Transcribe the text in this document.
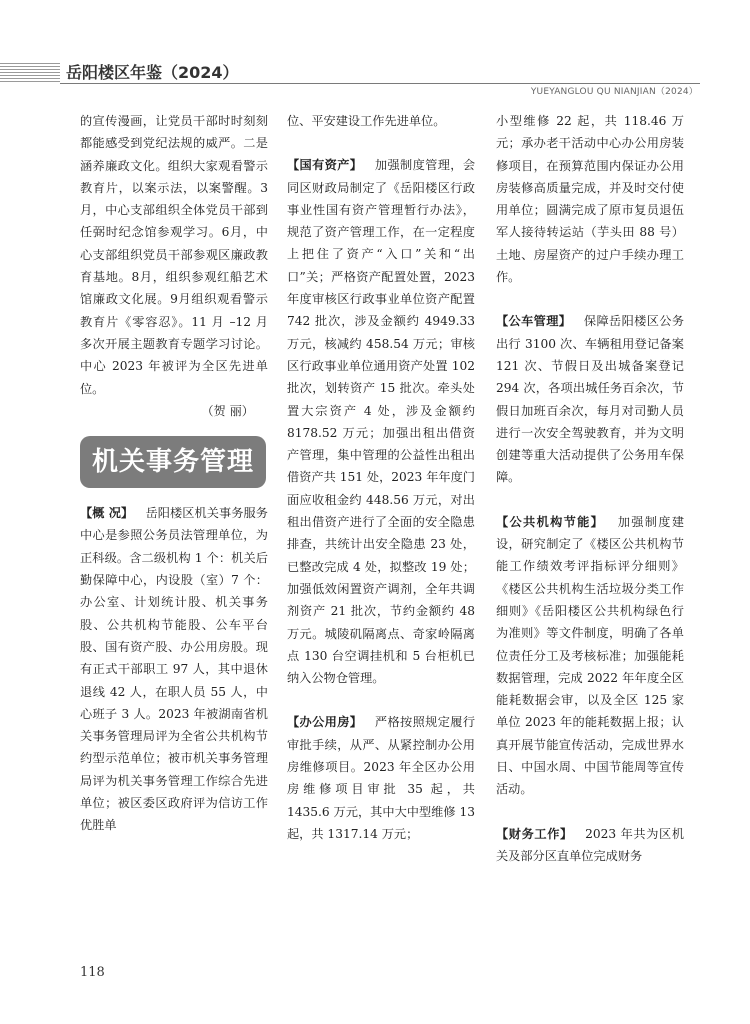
岳阳楼区年鉴（2024）
YUEYANGLOU QU NIANJIAN（2024）

的宣传漫画，让党员干部时时刻刻都能感受到党纪法规的威严。二是涵养廉政文化。组织大家观看警示教育片，以案示法，以案警醒。3月，中心支部组织全体党员干部到任弼时纪念馆参观学习。6月，中心支部组织党员干部参观区廉政教育基地。8月，组织参观红船艺术馆廉政文化展。9月组织观看警示教育片《零容忍》。11 月 –12 月多次开展主题教育专题学习讨论。中心 2023 年被评为全区先进单位。

（贺 丽）

机关事务管理

【概 况】  岳阳楼区机关事务服务中心是参照公务员法管理单位，为正科级。含二级机构 1 个：机关后勤保障中心，内设股（室）7 个：办公室、计划统计股、机关事务股、公共机构节能股、公车平台股、国有资产股、办公用房股。现有正式干部职工 97 人，其中退休退线 42 人，在职人员 55 人，中心班子 3 人。2023 年被湖南省机关事务管理局评为全省公共机构节约型示范单位；被市机关事务管理局评为机关事务管理工作综合先进单位；被区委区政府评为信访工作优胜单

位、平安建设工作先进单位。

【国有资产】  加强制度管理，会同区财政局制定了《岳阳楼区行政事业性国有资产管理暂行办法》，规范了资产管理工作，在一定程度上把住了资产“入口”关和“出口”关；严格资产配置处置，2023 年度审核区行政事业单位资产配置 742 批次，涉及金额约 4949.33 万元，核减约 458.54 万元；审核区行政事业单位通用资产处置 102 批次，划转资产 15 批次。牵头处置大宗资产 4 处，涉及金额约 8178.52 万元；加强出租出借资产管理，集中管理的公益性出租出借资产共 151 处，2023 年年度门面应收租金约 448.56 万元，对出租出借资产进行了全面的安全隐患排查，共统计出安全隐患 23 处，已整改完成 4 处，拟整改 19 处；加强低效闲置资产调剂，全年共调剂资产 21 批次，节约金额约 48 万元。城陵矶隔离点、奇家岭隔离点 130 台空调挂机和 5 台柜机已纳入公物仓管理。

【办公用房】  严格按照规定履行审批手续，从严、从紧控制办公用房维修项目。2023 年全区办公用房维修项目审批 35 起，共 1435.6 万元，其中大中型维修 13 起，共 1317.14 万元；

小型维修 22 起，共 118.46 万元；承办老干活动中心办公用房装修项目，在预算范围内保证办公用房装修高质量完成，并及时交付使用单位；圆满完成了原市复员退伍军人接待转运站（芋头田 88 号）土地、房屋资产的过户手续办理工作。

【公车管理】  保障岳阳楼区公务出行 3100 次、车辆租用登记备案 121 次、节假日及出城备案登记 294 次，各项出城任务百余次，节假日加班百余次，每月对司勤人员进行一次安全驾驶教育，并为文明创建等重大活动提供了公务用车保障。

【公共机构节能】  加强制度建设，研究制定了《楼区公共机构节能工作绩效考评指标评分细则》《楼区公共机构生活垃圾分类工作细则》《岳阳楼区公共机构绿色行为准则》等文件制度，明确了各单位责任分工及考核标准；加强能耗数据管理，完成 2022 年年度全区能耗数据会审，以及全区 125 家单位 2023 年的能耗数据上报；认真开展节能宣传活动，完成世界水日、中国水周、中国节能周等宣传活动。

【财务工作】  2023 年共为区机关及部分区直单位完成财务

118
